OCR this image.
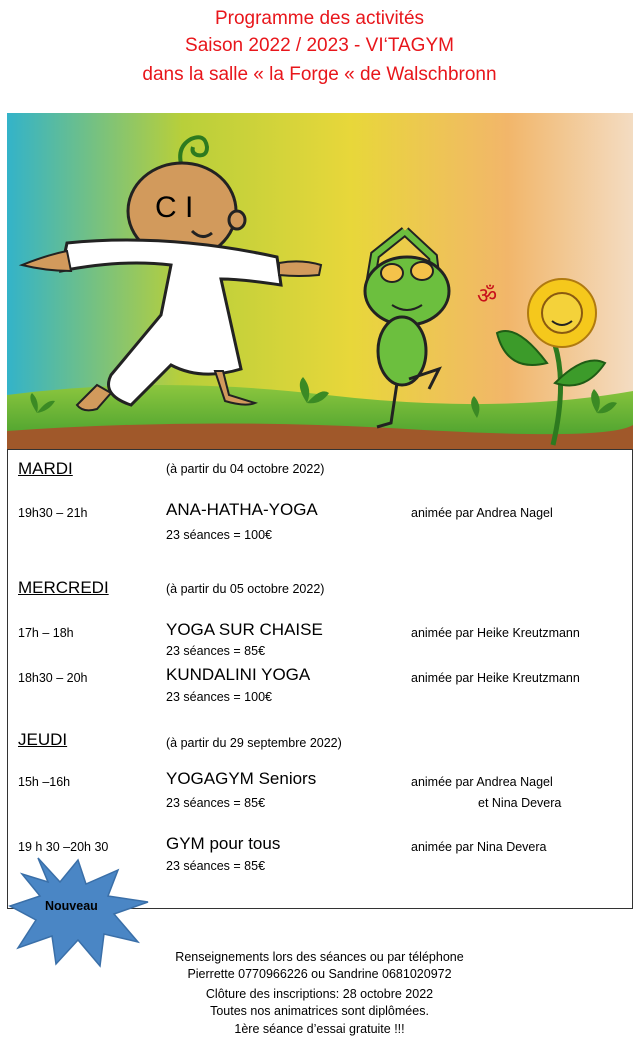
Programme des activités
Saison 2022 / 2023 - VI‘TAGYM
dans la salle « la Forge « de Walschbronn
C I
ॐ
MARDI	(à partir du 04 octobre 2022)
19h30 – 21h	ANA-HATHA-YOGA	animée par Andrea Nagel
23 séances = 100€
MERCREDI	(à partir du 05 octobre 2022)
17h – 18h	YOGA SUR CHAISE	animée par Heike Kreutzmann
23 séances = 85€
18h30 – 20h	KUNDALINI YOGA	animée par Heike Kreutzmann
23 séances = 100€
JEUDI	(à partir du 29 septembre 2022)
15h –16h	YOGAGYM Seniors	animée par Andrea Nagel
23 séances = 85€	et Nina Devera
19 h 30 –20h 30	GYM pour tous	animée par Nina Devera
23 séances = 85€
Nouveau
Renseignements lors des séances ou par téléphone
Pierrette 0770966226 ou Sandrine 0681020972
Clôture des inscriptions: 28 octobre 2022
Toutes nos animatrices sont diplômées.
1ère séance d’essai gratuite !!!
